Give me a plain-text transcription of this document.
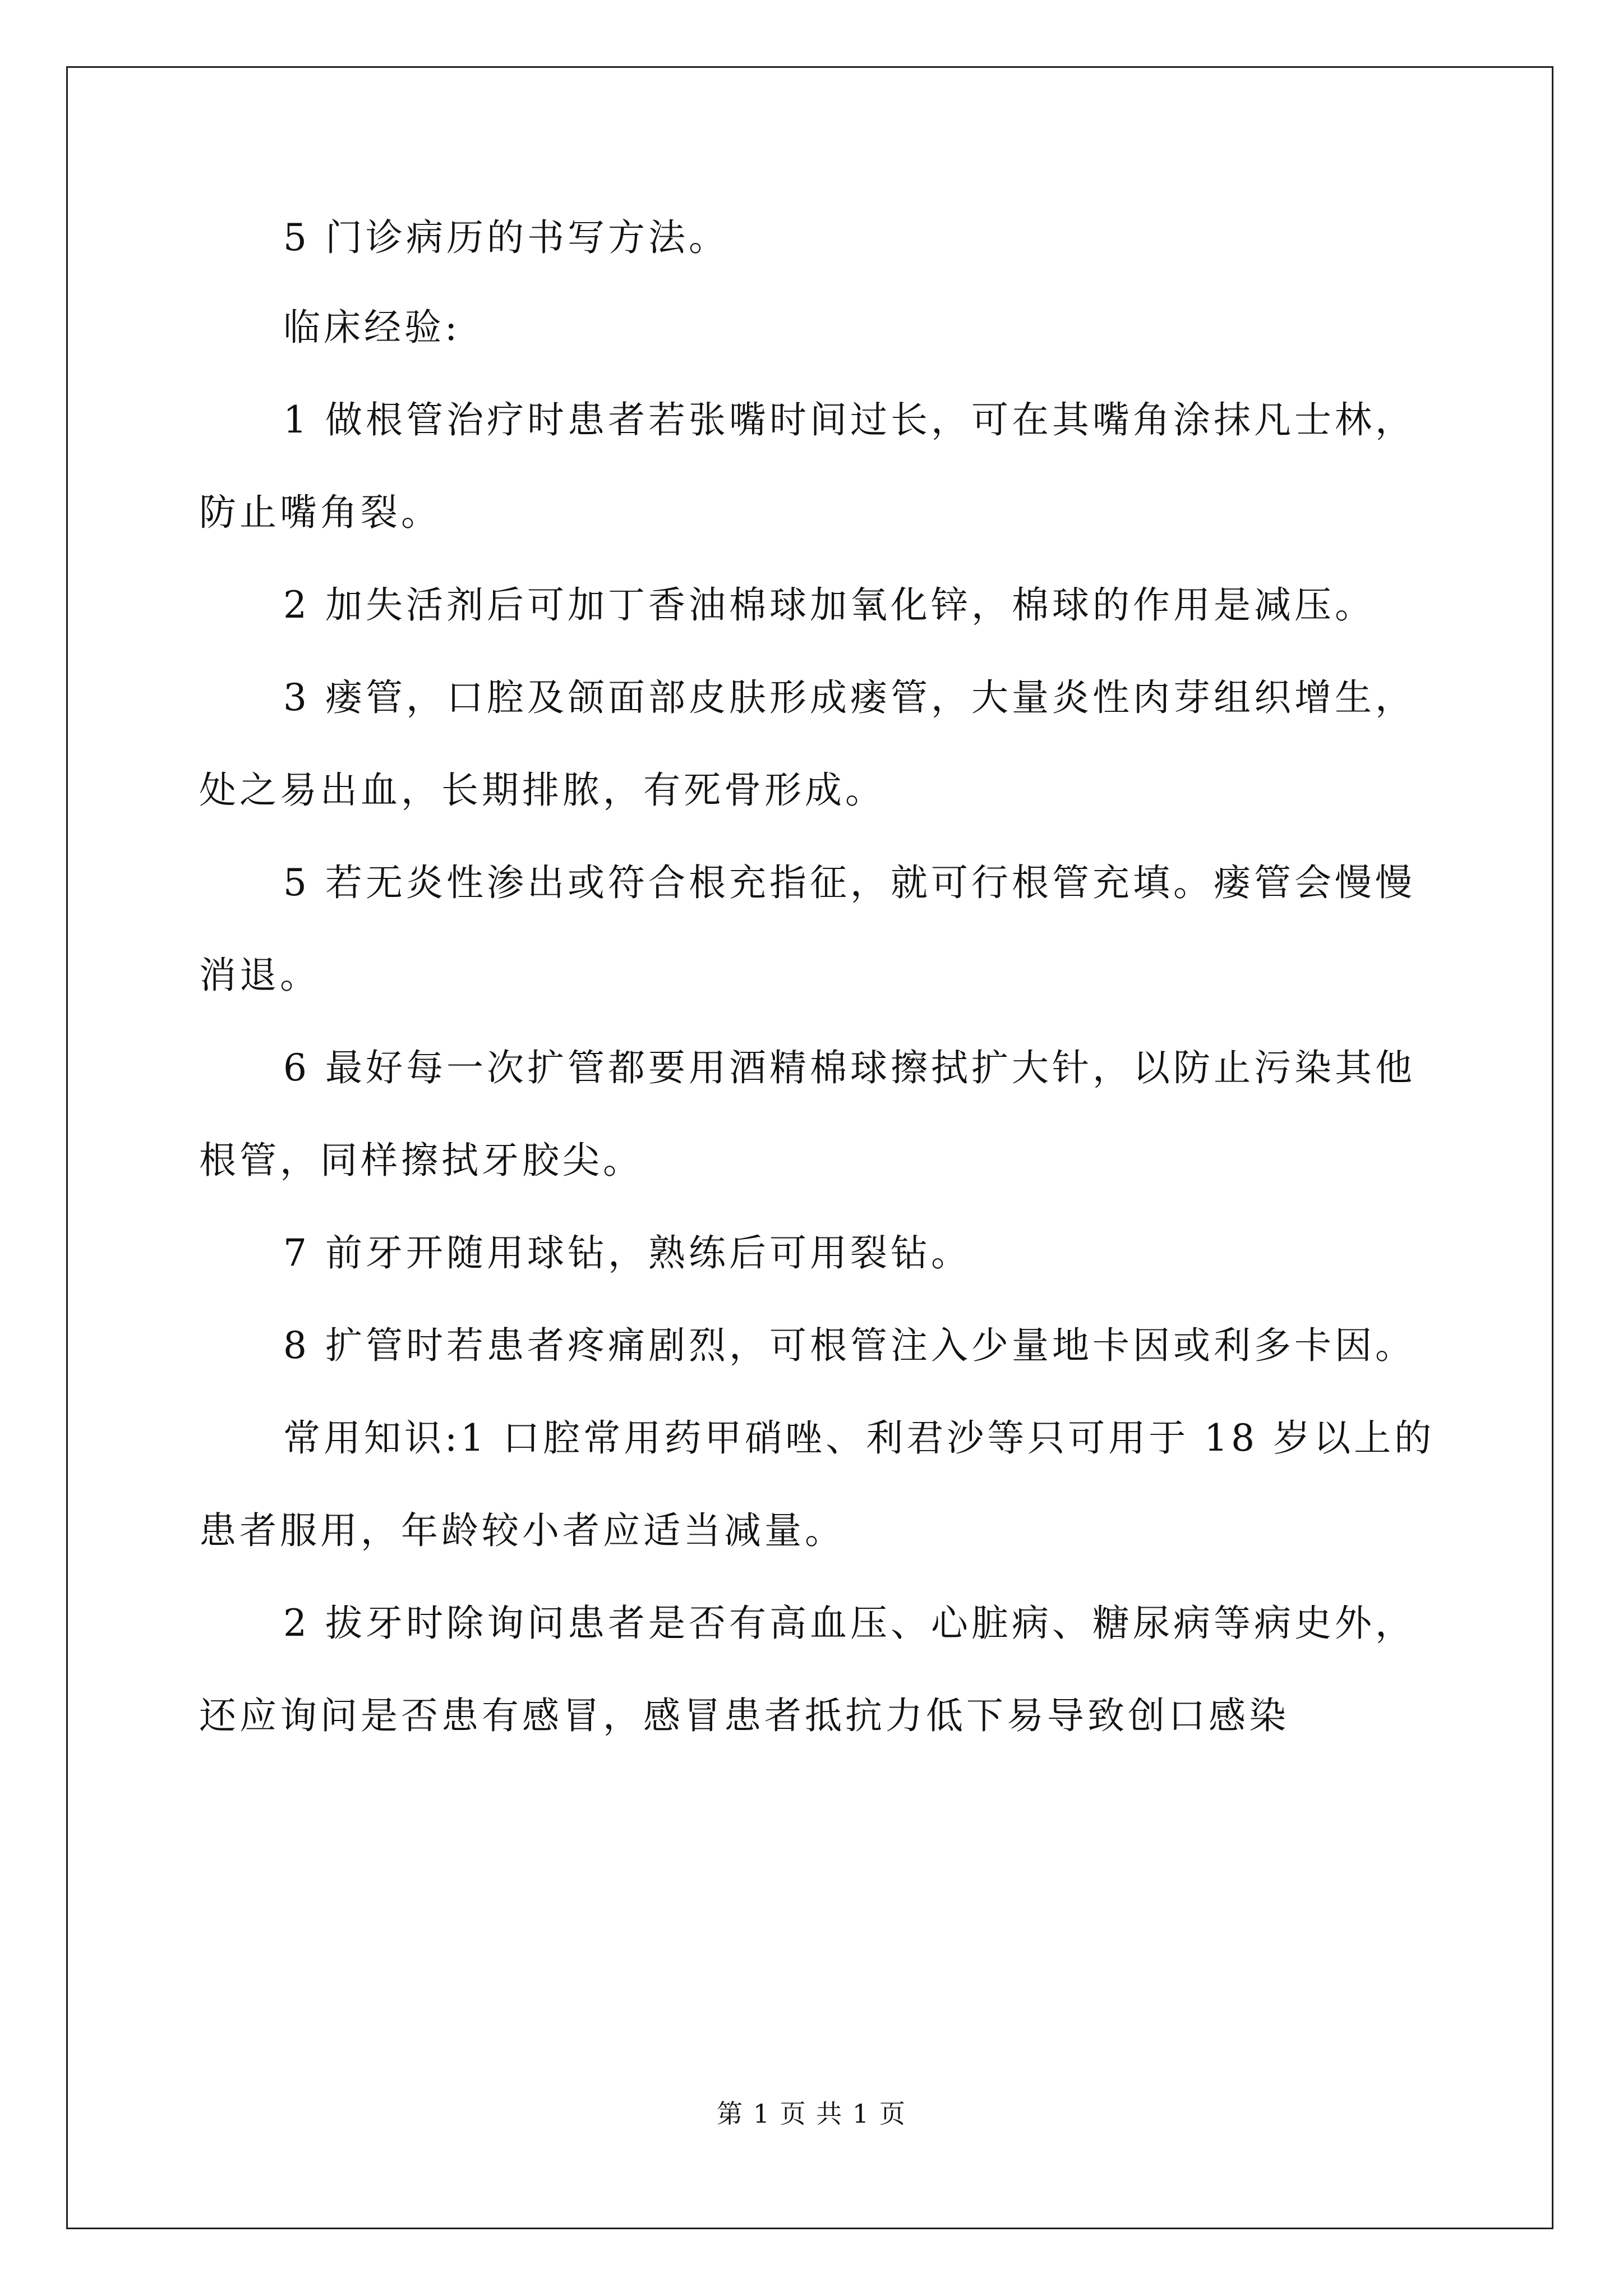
5 门诊病历的书写方法。
临床经验:
1 做根管治疗时患者若张嘴时间过长，可在其嘴角涂抹凡士林，
防止嘴角裂。
2 加失活剂后可加丁香油棉球加氧化锌，棉球的作用是减压。
3 瘘管，口腔及颌面部皮肤形成瘘管，大量炎性肉芽组织增生，
处之易出血，长期排脓，有死骨形成。
5 若无炎性渗出或符合根充指征，就可行根管充填。瘘管会慢慢
消退。
6 最好每一次扩管都要用酒精棉球擦拭扩大针，以防止污染其他
根管，同样擦拭牙胶尖。
7 前牙开随用球钻，熟练后可用裂钻。
8 扩管时若患者疼痛剧烈，可根管注入少量地卡因或利多卡因。
常用知识:1 口腔常用药甲硝唑、利君沙等只可用于 18 岁以上的
患者服用，年龄较小者应适当减量。
2 拔牙时除询问患者是否有高血压、心脏病、糖尿病等病史外，
还应询问是否患有感冒，感冒患者抵抗力低下易导致创口感染
第 1 页 共 1 页
